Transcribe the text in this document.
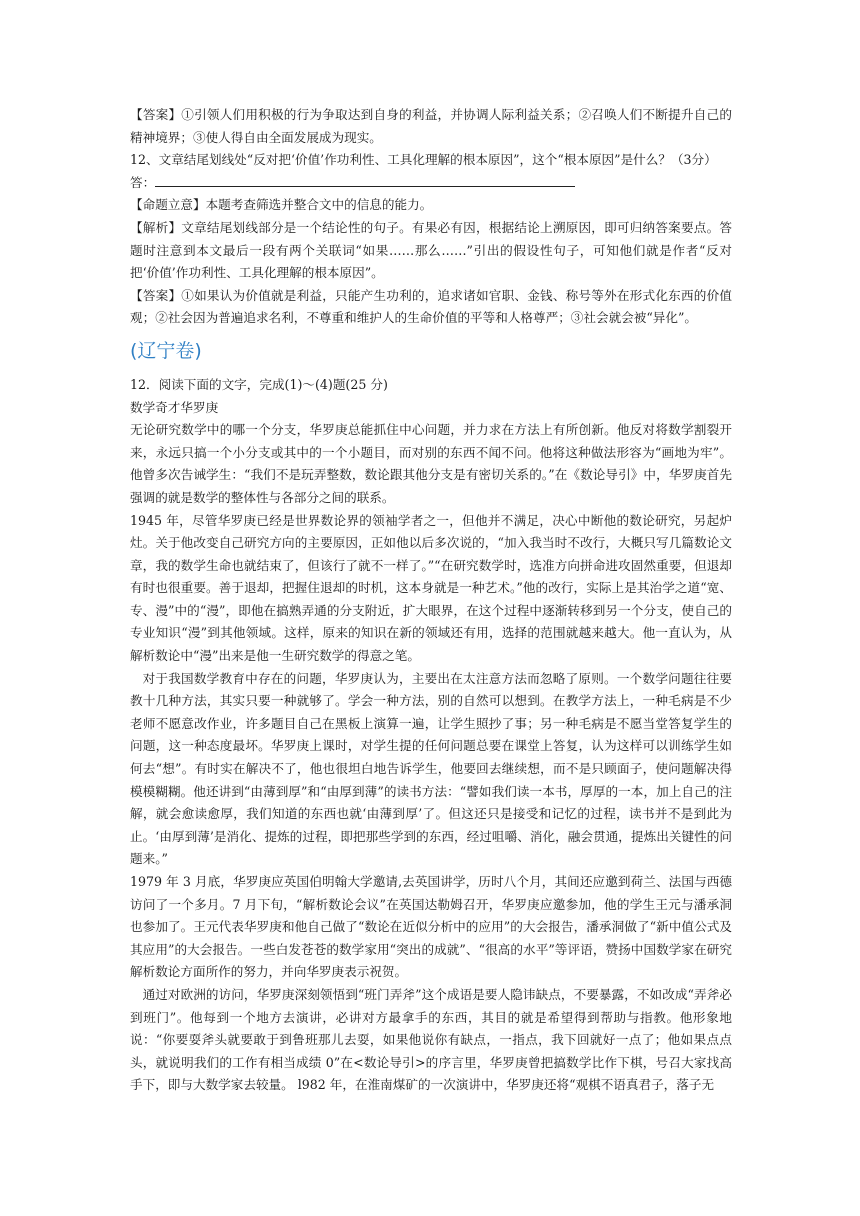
【答案】①引领人们用积极的行为争取达到自身的利益，并协调人际利益关系；②召唤人们不断提升自己的精神境界；③使人得自由全面发展成为现实。

12、文章结尾划线处“反对把‘价值’作功利性、工具化理解的根本原因”，这个“根本原因”是什么？（3分）

答：

【命题立意】本题考查筛选并整合文中的信息的能力。

【解析】文章结尾划线部分是一个结论性的句子。有果必有因，根据结论上溯原因，即可归纳答案要点。答题时注意到本文最后一段有两个关联词“如果……那么……”引出的假设性句子，可知他们就是作者“反对把‘价值’作功利性、工具化理解的根本原因”。

【答案】①如果认为价值就是利益，只能产生功利的，追求诸如官职、金钱、称号等外在形式化东西的价值观；②社会因为普遍追求名利，不尊重和维护人的生命价值的平等和人格尊严；③社会就会被“异化”。

(辽宁卷)

12．阅读下面的文字，完成(1)～(4)题(25 分)

数学奇才华罗庚

无论研究数学中的哪一个分支，华罗庚总能抓住中心问题，并力求在方法上有所创新。他反对将数学割裂开来，永远只搞一个小分支或其中的一个小题目，而对别的东西不闻不问。他将这种做法形容为“画地为牢”。他曾多次告诫学生：“我们不是玩弄整数，数论跟其他分支是有密切关系的。”在《数论导引》中，华罗庚首先强调的就是数学的整体性与各部分之间的联系。

1945 年，尽管华罗庚已经是世界数论界的领袖学者之一，但他并不满足，决心中断他的数论研究，另起炉灶。关于他改变自己研究方向的主要原因，正如他以后多次说的，“加入我当时不改行，大概只写几篇数论文章，我的数学生命也就结束了，但该行了就不一样了。”“在研究数学时，选准方向拼命进攻固然重要，但退却有时也很重要。善于退却，把握住退却的时机，这本身就是一种艺术。”他的改行，实际上是其治学之道“宽、专、漫”中的“漫”，即他在搞熟弄通的分支附近，扩大眼界，在这个过程中逐渐转移到另一个分支，使自己的专业知识“漫”到其他领域。这样，原来的知识在新的领域还有用，选择的范围就越来越大。他一直认为，从解析数论中“漫”出来是他一生研究数学的得意之笔。

对于我国数学教育中存在的问题，华罗庚认为，主要出在太注意方法而忽略了原则。一个数学问题往往要教十几种方法，其实只要一种就够了。学会一种方法，别的自然可以想到。在教学方法上，一种毛病是不少老师不愿意改作业，许多题目自己在黑板上演算一遍，让学生照抄了事；另一种毛病是不愿当堂答复学生的问题，这一种态度最坏。华罗庚上课时，对学生提的任何问题总要在课堂上答复，认为这样可以训练学生如何去“想”。有时实在解决不了，他也很坦白地告诉学生，他要回去继续想，而不是只顾面子，使问题解决得模模糊糊。他还讲到“由薄到厚”和“由厚到薄”的读书方法：“譬如我们读一本书，厚厚的一本，加上自己的注解，就会愈读愈厚，我们知道的东西也就‘由薄到厚’了。但这还只是接受和记忆的过程，读书并不是到此为止。‘由厚到薄’是消化、提炼的过程，即把那些学到的东西，经过咀嚼、消化，融会贯通，提炼出关键性的问题来。”

1979 年 3 月底，华罗庚应英国伯明翰大学邀请,去英国讲学，历时八个月，其间还应邀到荷兰、法国与西德访问了一个多月。7 月下旬，“解析数论会议”在英国达勒姆召开，华罗庚应邀参加，他的学生王元与潘承洞也参加了。王元代表华罗庚和他自己做了“数论在近似分析中的应用”的大会报告，潘承洞做了“新中值公式及其应用”的大会报告。一些白发苍苍的数学家用“突出的成就”、“很高的水平”等评语，赞扬中国数学家在研究解析数论方面所作的努力，并向华罗庚表示祝贺。

通过对欧洲的访问，华罗庚深刻领悟到“班门弄斧”这个成语是要人隐讳缺点，不要暴露，不如改成“弄斧必到班门”。他每到一个地方去演讲，必讲对方最拿手的东西，其目的就是希望得到帮助与指教。他形象地说：“你要耍斧头就要敢于到鲁班那儿去耍，如果他说你有缺点，一指点，我下回就好一点了；他如果点点头，就说明我们的工作有相当成绩 0”在<数论导引>的序言里，华罗庚曾把搞数学比作下棋，号召大家找高手下，即与大数学家去较量。 l982 年，在淮南煤矿的一次演讲中，华罗庚还将“观棋不语真君子，落子无
